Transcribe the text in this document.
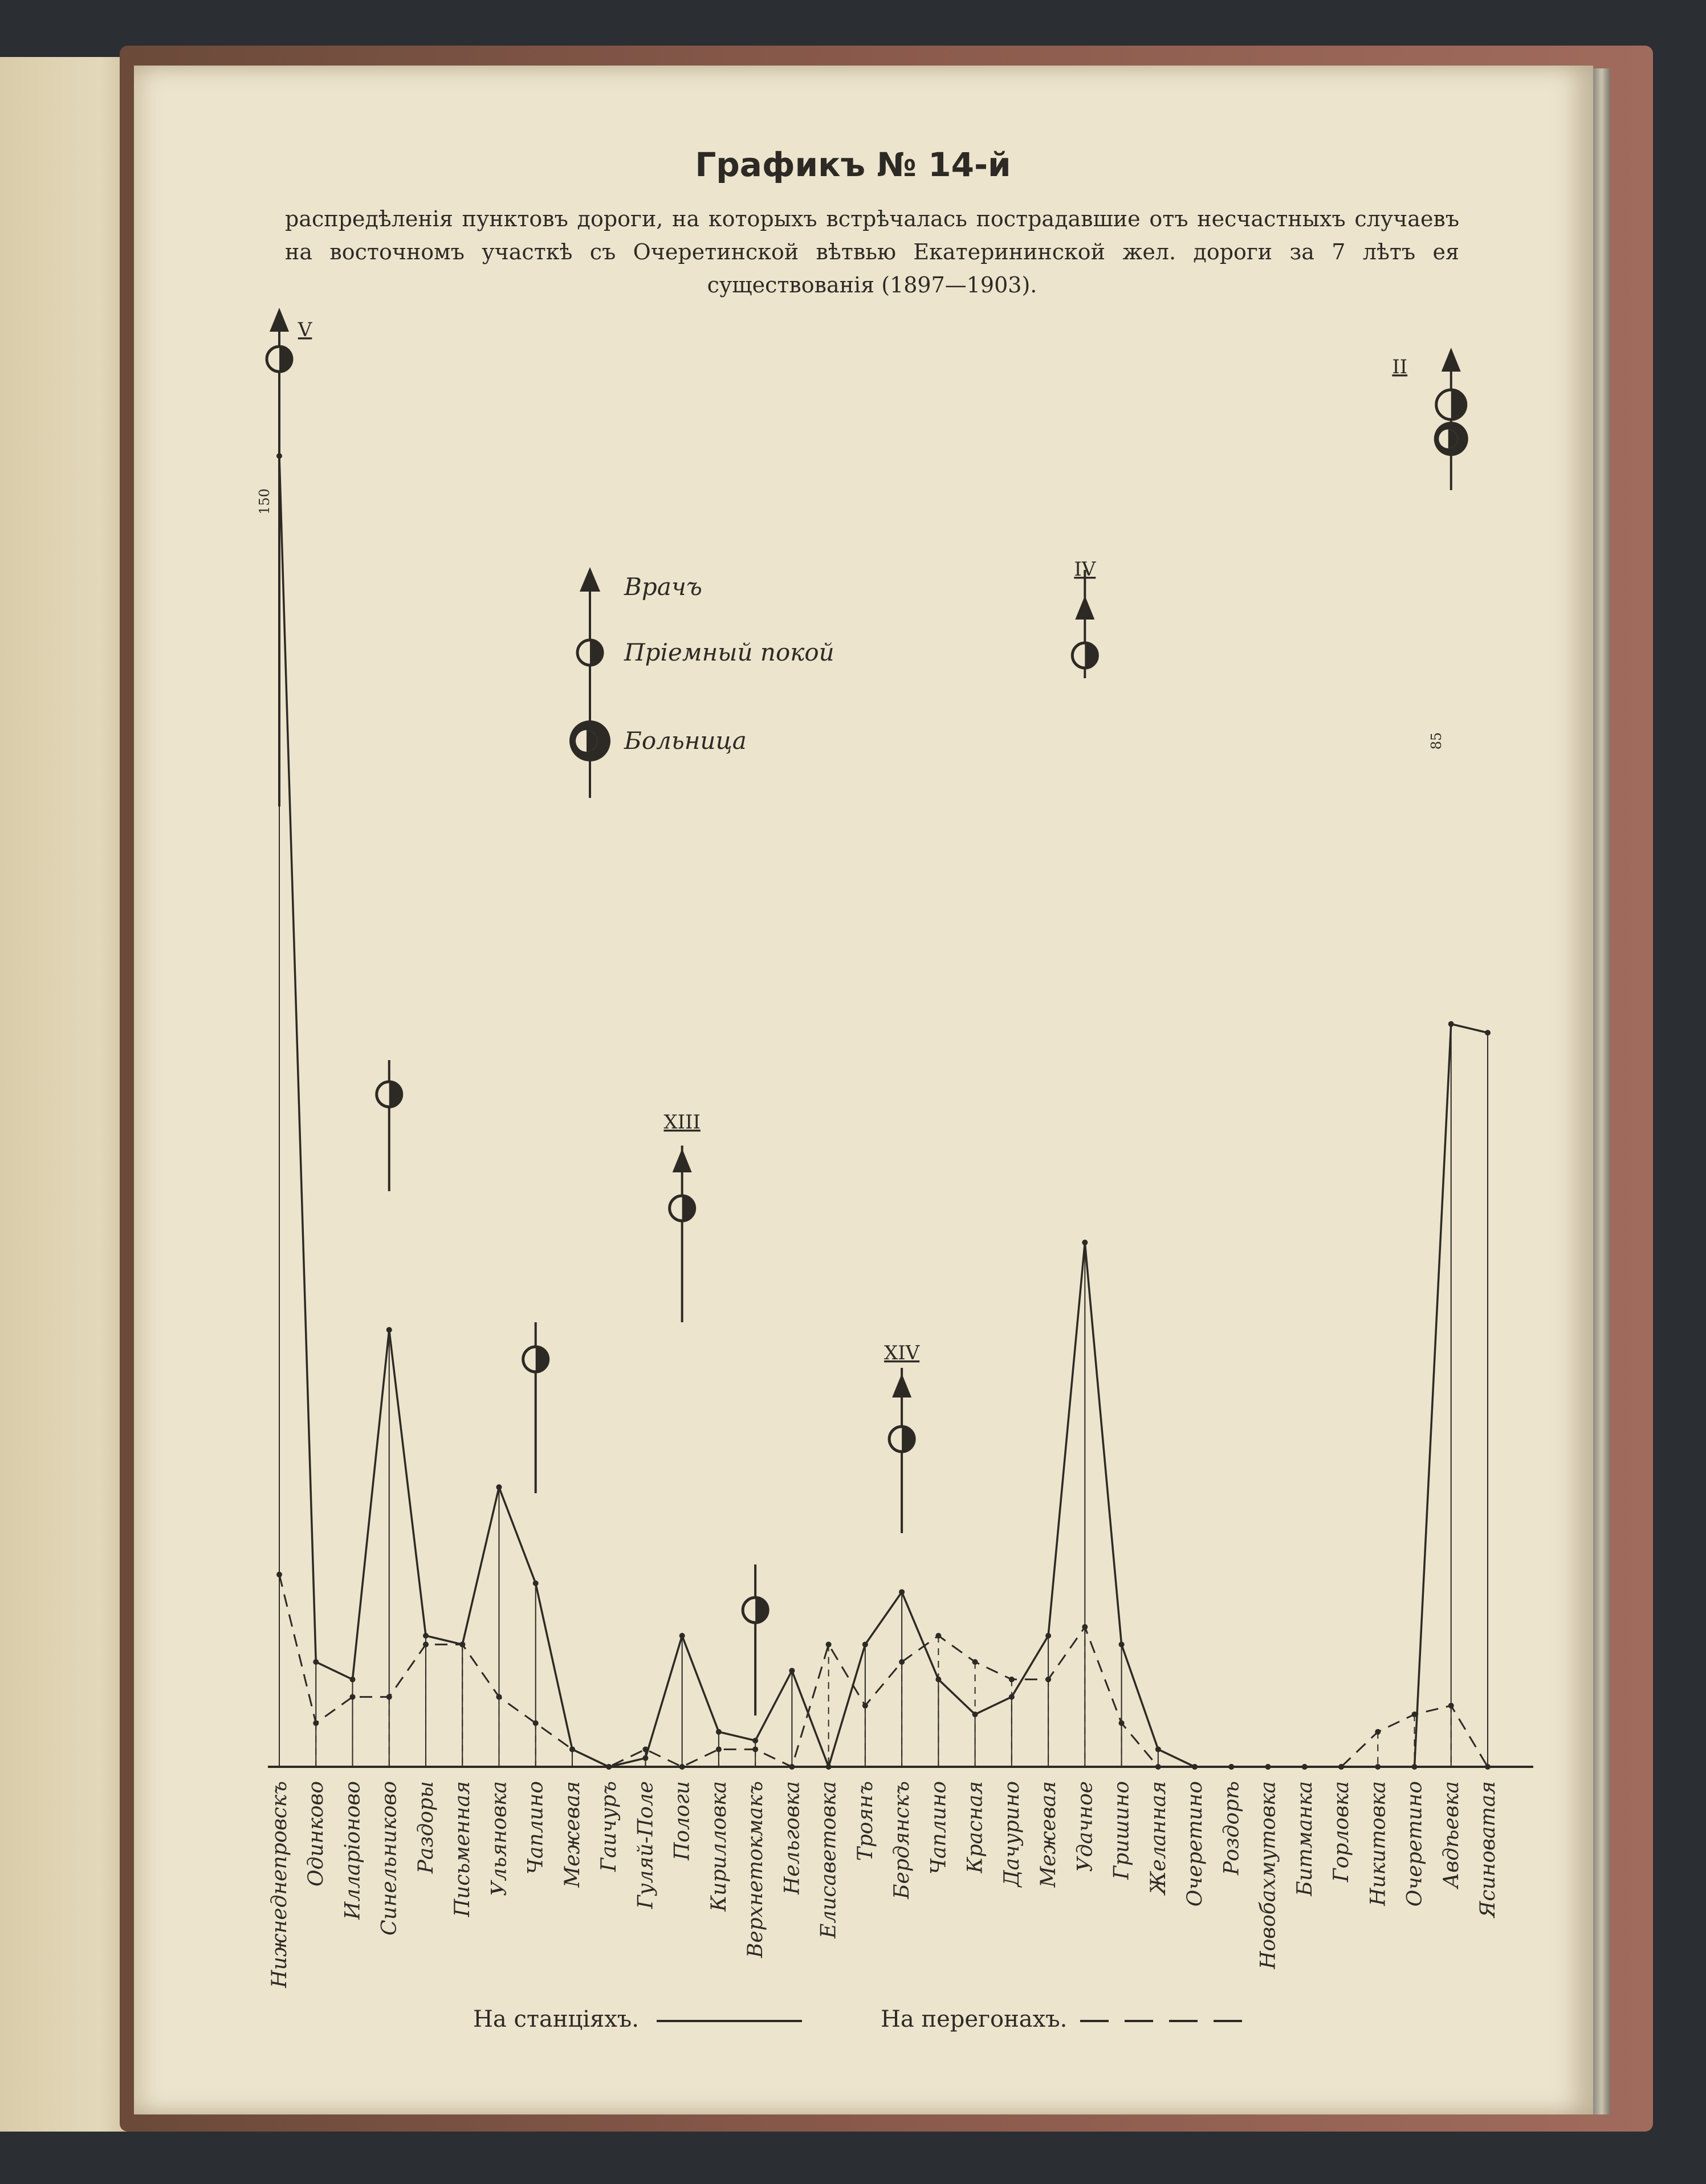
Графикъ № 14-й
распредѣленія пунктовъ дороги, на которыхъ встрѣчалась пострадавшие отъ несчастныхъ случаевъ на восточномъ участкѣ съ Очеретинской вѣтвью Екатерининской жел. дороги за 7 лѣтъ ея существованія (1897—1903).
150
85
V
XIII
XIV
IV
II
Врачъ
Пріемный покой
Больница
Нижнеднепровскъ Одинково Илларіоново Синельниково Раздоры Письменная Ульяновка Чаплино Межевая Гаичуръ Гуляй-Поле Пологи Кирилловка Верхнетокмакъ Нельговка Елисаветовка Троянъ Бердянскъ Чаплино Красная Дачурино Межевая Удачное Гришино Желанная Очеретино Роздорѣ Новобахмутовка Битманка Горловка Никитовка Очеретино Авдѣевка Ясиноватая
На станціяхъ.	На перегонахъ.
